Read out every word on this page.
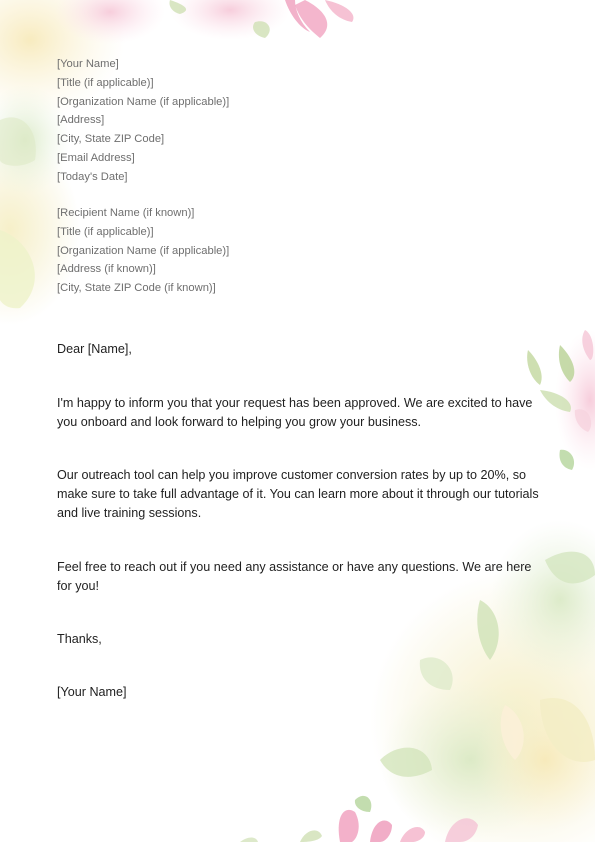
[Your Name]
[Title (if applicable)]
[Organization Name (if applicable)]
[Address]
[City, State ZIP Code]
[Email Address]
[Today's Date]
[Recipient Name (if known)]
[Title (if applicable)]
[Organization Name (if applicable)]
[Address (if known)]
[City, State ZIP Code (if known)]
Dear [Name],
I'm happy to inform you that your request has been approved. We are excited to have you onboard and look forward to helping you grow your business.
Our outreach tool can help you improve customer conversion rates by up to 20%, so make sure to take full advantage of it. You can learn more about it through our tutorials and live training sessions.
Feel free to reach out if you need any assistance or have any questions. We are here for you!
Thanks,
[Your Name]
